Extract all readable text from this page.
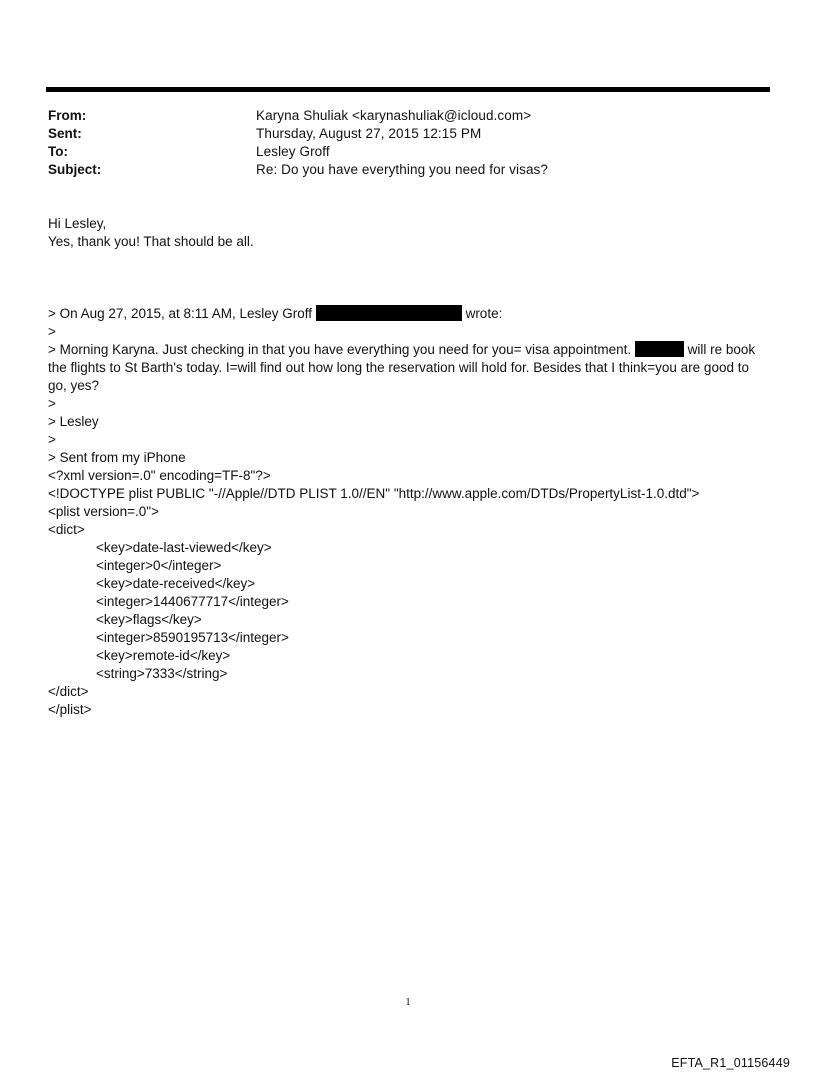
From:	Karyna Shuliak <karynashuliak@icloud.com>
Sent:	Thursday, August 27, 2015 12:15 PM
To:	Lesley Groff
Subject:	Re: Do you have everything you need for visas?
Hi Lesley,
Yes, thank you! That should be all.
> On Aug 27, 2015, at 8:11 AM, Lesley Groff	wrote:
>
> Morning Karyna. Just checking in that you have everything you need for you= visa appointment.	will re book the flights to St Barth's today. I=will find out how long the reservation will hold for. Besides that I think=you are good to go, yes?
>
> Lesley
>
> Sent from my iPhone
<?xml version=.0" encoding=TF-8"?>
<!DOCTYPE plist PUBLIC "-//Apple//DTD PLIST 1.0//EN" "http://www.apple.com/DTDs/PropertyList-1.0.dtd">
<plist version=.0">
<dict>
<key>date-last-viewed</key>
<integer>0</integer>
<key>date-received</key>
<integer>1440677717</integer>
<key>flags</key>
<integer>8590195713</integer>
<key>remote-id</key>
<string>7333</string>
</dict>
</plist>
1
EFTA_R1_01156449
